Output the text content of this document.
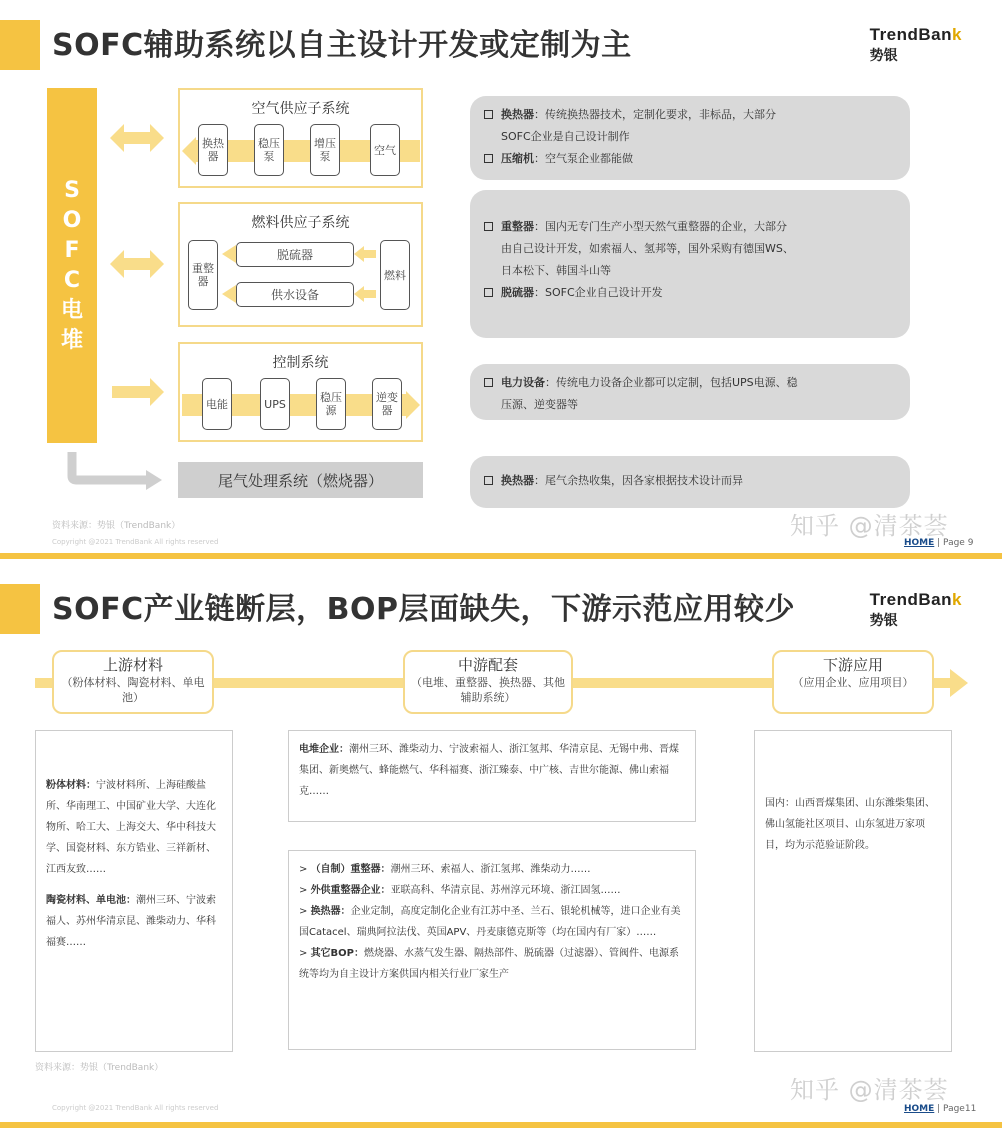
SOFC辅助系统以自主设计开发或定制为主	TrendBank
势银
S
O
F
C
电
堆
空气供应子系统
换热器
稳压泵
增压泵	空气
燃料供应子系统
重整器
脱硫器
供水设备
燃料
控制系统
电能	UPS	稳压源
逆变器
尾气处理系统（燃烧器）
换热器：传统换热器技术，定制化要求，非标品，大部分
SOFC企业是自己设计制作
压缩机：空气泵企业都能做
重整器：国内无专门生产小型天然气重整器的企业，大部分
由自己设计开发，如索福人、氢邦等，国外采购有德国WS、
日本松下、韩国斗山等
脱硫器：SOFC企业自己设计开发
电力设备：传统电力设备企业都可以定制，包括UPS电源、稳
压源、逆变器等
换热器：尾气余热收集，因各家根据技术设计而异
资料来源：势银（TrendBank）
Copyright @2021 TrendBank All rights reserved
知乎 @清茶荟
HOME | Page 9
SOFC产业链断层，BOP层面缺失，下游示范应用较少	TrendBank
势银
上游材料
（粉体材料、陶瓷材料、单电池）
中游配套
（电堆、重整器、换热器、其他辅助系统）
下游应用
（应用企业、应用项目）

粉体材料：宁波材料所、上海硅酸盐所、华南理工、中国矿业大学、大连化物所、哈工大、上海交大、华中科技大学、国瓷材料、东方锆业、三祥新材、江西友致……

陶瓷材料、单电池：潮州三环、宁波索福人、苏州华清京昆、潍柴动力、华科福赛……

电堆企业：潮州三环、潍柴动力、宁波索福人、浙江氢邦、华清京昆、无锡中弗、晋煤集团、新奥燃气、蜂能燃气、华科福赛、浙江臻泰、中广核、吉世尔能源、佛山索福克……

> （自制）重整器：潮州三环、索福人、浙江氢邦、潍柴动力……

> 外供重整器企业：亚联高科、华清京昆、苏州淳元环境、浙江固氢……

> 换热器：企业定制，高度定制化企业有江苏中圣、兰石、银轮机械等，进口企业有美国Catacel、瑞典阿拉法伐、英国APV、丹麦康德克斯等（均在国内有厂家）……

> 其它BOP：燃烧器、水蒸气发生器、隔热部件、脱硫器（过滤器）、管阀件、电源系统等均为自主设计方案供国内相关行业厂家生产

国内：山西晋煤集团、山东潍柴集团、佛山氢能社区项目、山东氢进万家项目，均为示范验证阶段。

资料来源：势银（TrendBank）
Copyright @2021 TrendBank All rights reserved
知乎 @清茶荟
HOME | Page11
